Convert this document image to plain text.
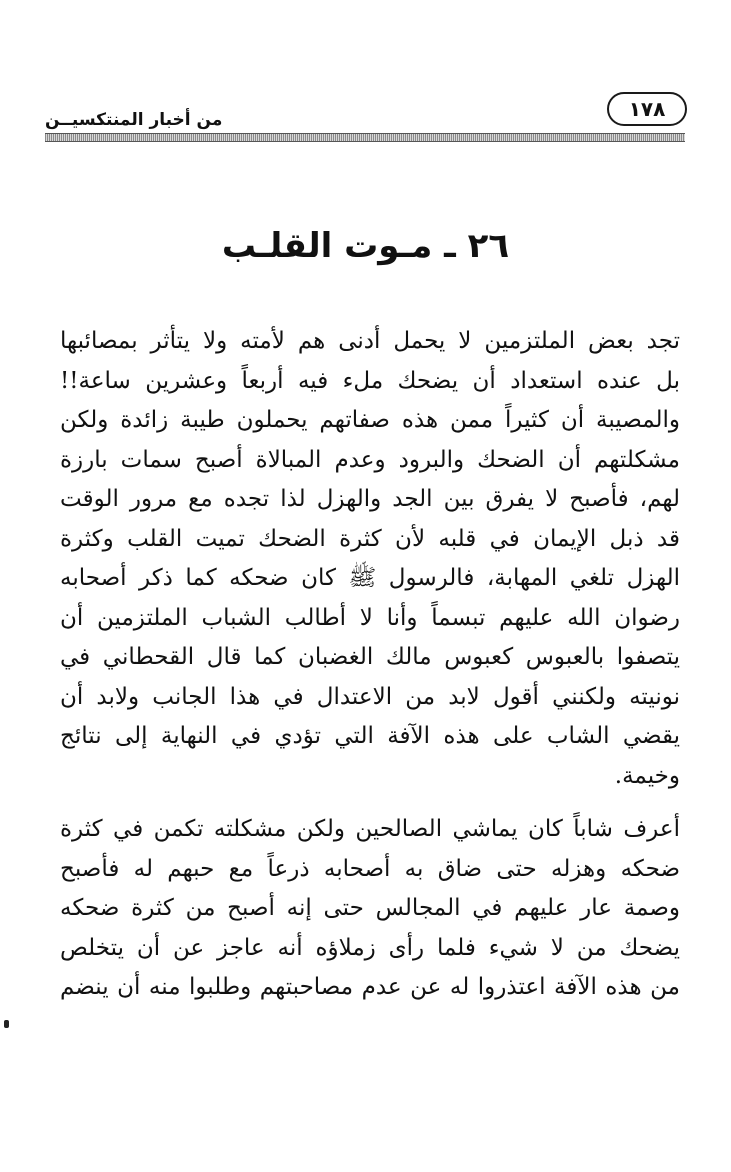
١٧٨
من أخبار المنتكسيــن
٢٦ ـ مـوت القلـب
تجد بعض الملتزمين لا يحمل أدنى هم لأمته ولا يتأثر بمصائبها
بل عنده استعداد أن يضحك ملء فيه أربعاً وعشرين ساعة!!
والمصيبة أن كثيراً ممن هذه صفاتهم يحملون طيبة زائدة ولكن
مشكلتهم أن الضحك والبرود وعدم المبالاة أصبح سمات بارزة
لهم، فأصبح لا يفرق بين الجد والهزل لذا تجده مع مرور الوقت
قد ذبل الإيمان في قلبه لأن كثرة الضحك تميت القلب وكثرة
الهزل تلغي المهابة، فالرسول ﷺ كان ضحكه كما ذكر أصحابه
رضوان الله عليهم تبسماً وأنا لا أطالب الشباب الملتزمين أن
يتصفوا بالعبوس كعبوس مالك الغضبان كما قال القحطاني في
نونيته ولكنني أقول لابد من الاعتدال في هذا الجانب ولابد أن
يقضي الشاب على هذه الآفة التي تؤدي في النهاية إلى نتائج
وخيمة.
أعرف شاباً كان يماشي الصالحين ولكن مشكلته تكمن في كثرة
ضحكه وهزله حتى ضاق به أصحابه ذرعاً مع حبهم له فأصبح
وصمة عار عليهم في المجالس حتى إنه أصبح من كثرة ضحكه
يضحك من لا شيء فلما رأى زملاؤه أنه عاجز عن أن يتخلص
من هذه الآفة اعتذروا له عن عدم مصاحبتهم وطلبوا منه أن ينضم
